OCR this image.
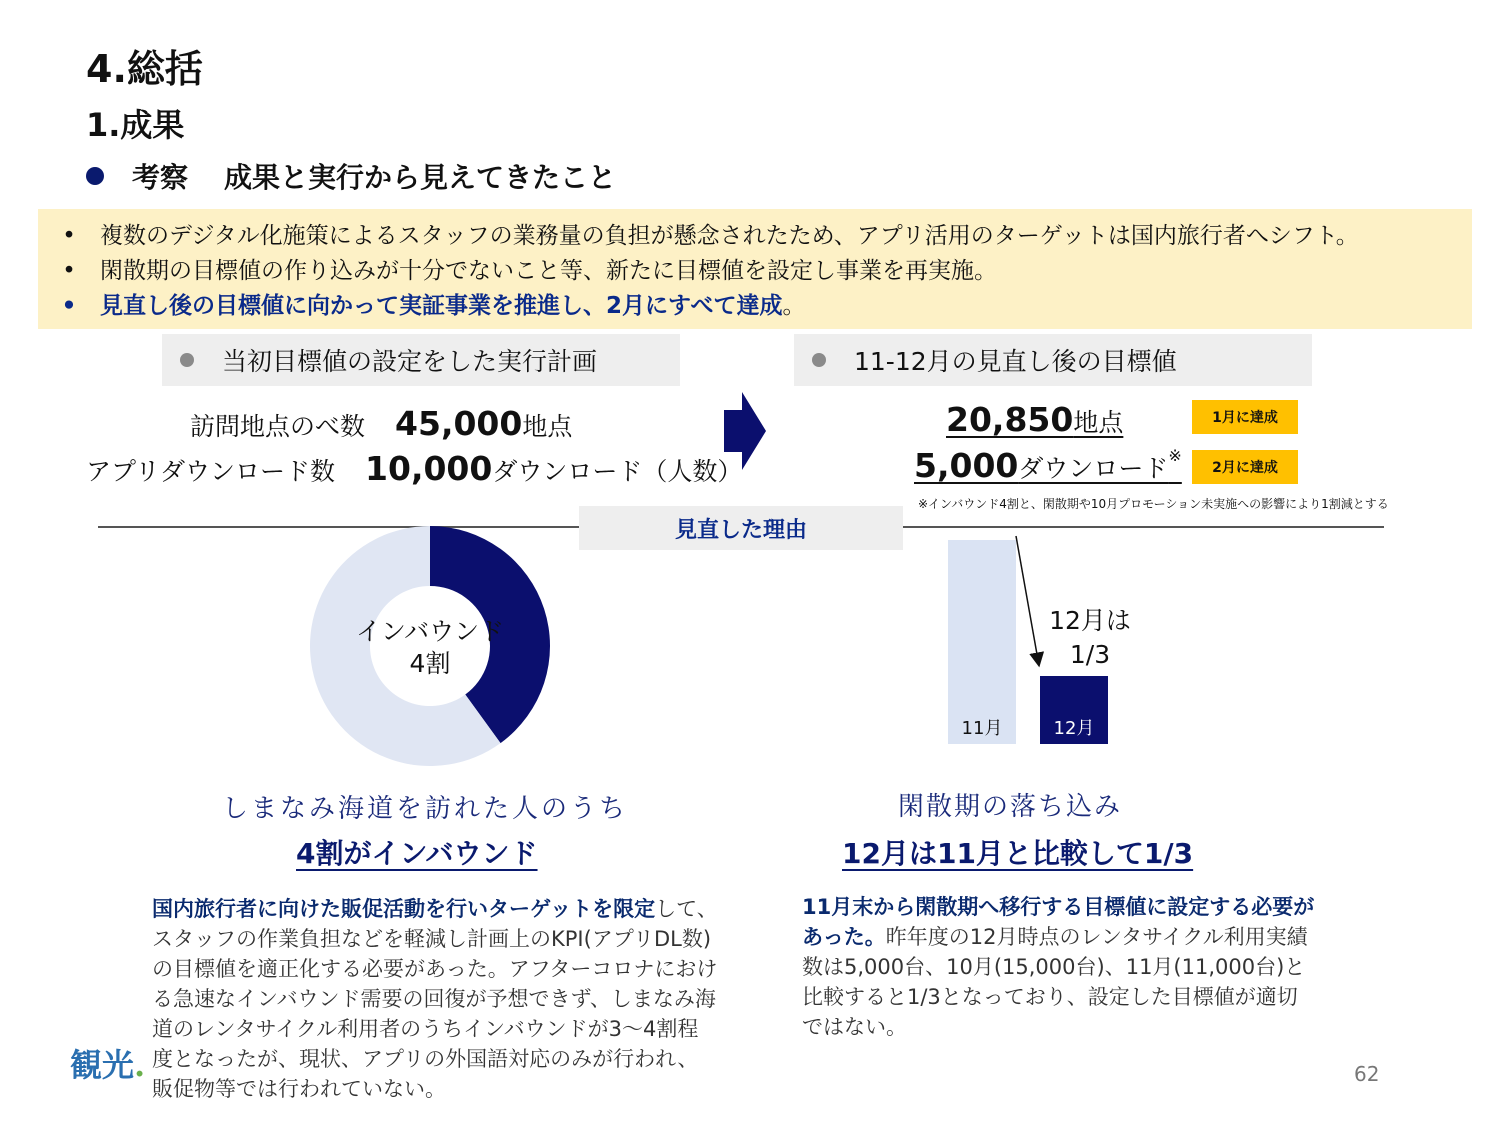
4.総括
1.成果
考察 成果と実行から見えてきたこと
•	複数のデジタル化施策によるスタッフの業務量の負担が懸念されたため、アプリ活用のターゲットは国内旅行者へシフト。
•	閑散期の目標値の作り込みが十分でないこと等、新たに目標値を設定し事業を再実施。
•	見直し後の目標値に向かって実証事業を推進し、2月にすべて達成。
当初目標値の設定をした実行計画
訪問地点のべ数 45,000地点
アプリダウンロード数 10,000ダウンロード（人数）
11-12月の見直し後の目標値
20,850地点
5,000ダウンロード※
1月に達成
2月に達成
※インバウンド4割と、閑散期や10月プロモーション未実施への影響により1割減とする
見直した理由
インバウンド
4割
11月	12月
12月は
1/3
しまなみ海道を訪れた人のうち
4割がインバウンド
閑散期の落ち込み
12月は11月と比較して1/3
国内旅行者に向けた販促活動を行いターゲットを限定して、スタッフの作業負担などを軽減し計画上のKPI(アプリDL数)の目標値を適正化する必要があった。アフターコロナにおける急速なインバウンド需要の回復が予想できず、しまなみ海道のレンタサイクル利用者のうちインバウンドが3～4割程度となったが、現状、アプリの外国語対応のみが行われ、販促物等では行われていない。
11月末から閑散期へ移行する目標値に設定する必要があった。昨年度の12月時点のレンタサイクル利用実績数は5,000台、10月(15,000台)、11月(11,000台)と比較すると1/3となっており、設定した目標値が適切ではない。
観光.	62
